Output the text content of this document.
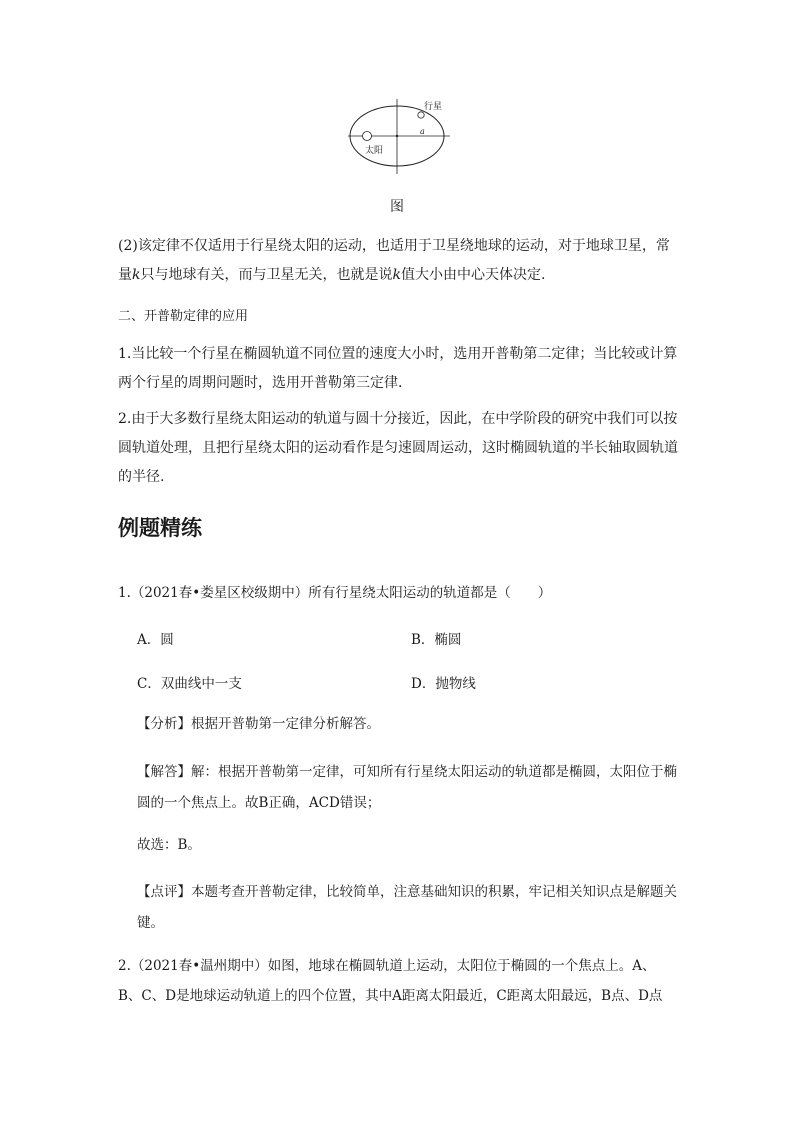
行星
太阳
a
图
(2)该定律不仅适用于行星绕太阳的运动，也适用于卫星绕地球的运动，对于地球卫星，常量k只与地球有关，而与卫星无关，也就是说k值大小由中心天体决定.
二、开普勒定律的应用
1.当比较一个行星在椭圆轨道不同位置的速度大小时，选用开普勒第二定律；当比较或计算两个行星的周期问题时，选用开普勒第三定律.
2.由于大多数行星绕太阳运动的轨道与圆十分接近，因此，在中学阶段的研究中我们可以按圆轨道处理，且把行星绕太阳的运动看作是匀速圆周运动，这时椭圆轨道的半长轴取圆轨道的半径.
例题精练
1.（2021春•娄星区校级期中）所有行星绕太阳运动的轨道都是（　　）
A．圆	B．椭圆
C．双曲线中一支	D．抛物线
【分析】根据开普勒第一定律分析解答。
【解答】解：根据开普勒第一定律，可知所有行星绕太阳运动的轨道都是椭圆，太阳位于椭圆的一个焦点上。故B正确，ACD错误；
故选：B。
【点评】本题考查开普勒定律，比较简单，注意基础知识的积累，牢记相关知识点是解题关键。
2.（2021春•温州期中）如图，地球在椭圆轨道上运动，太阳位于椭圆的一个焦点上。A、B、C、D是地球运动轨道上的四个位置，其中A距离太阳最近，C距离太阳最远，B点、D点
